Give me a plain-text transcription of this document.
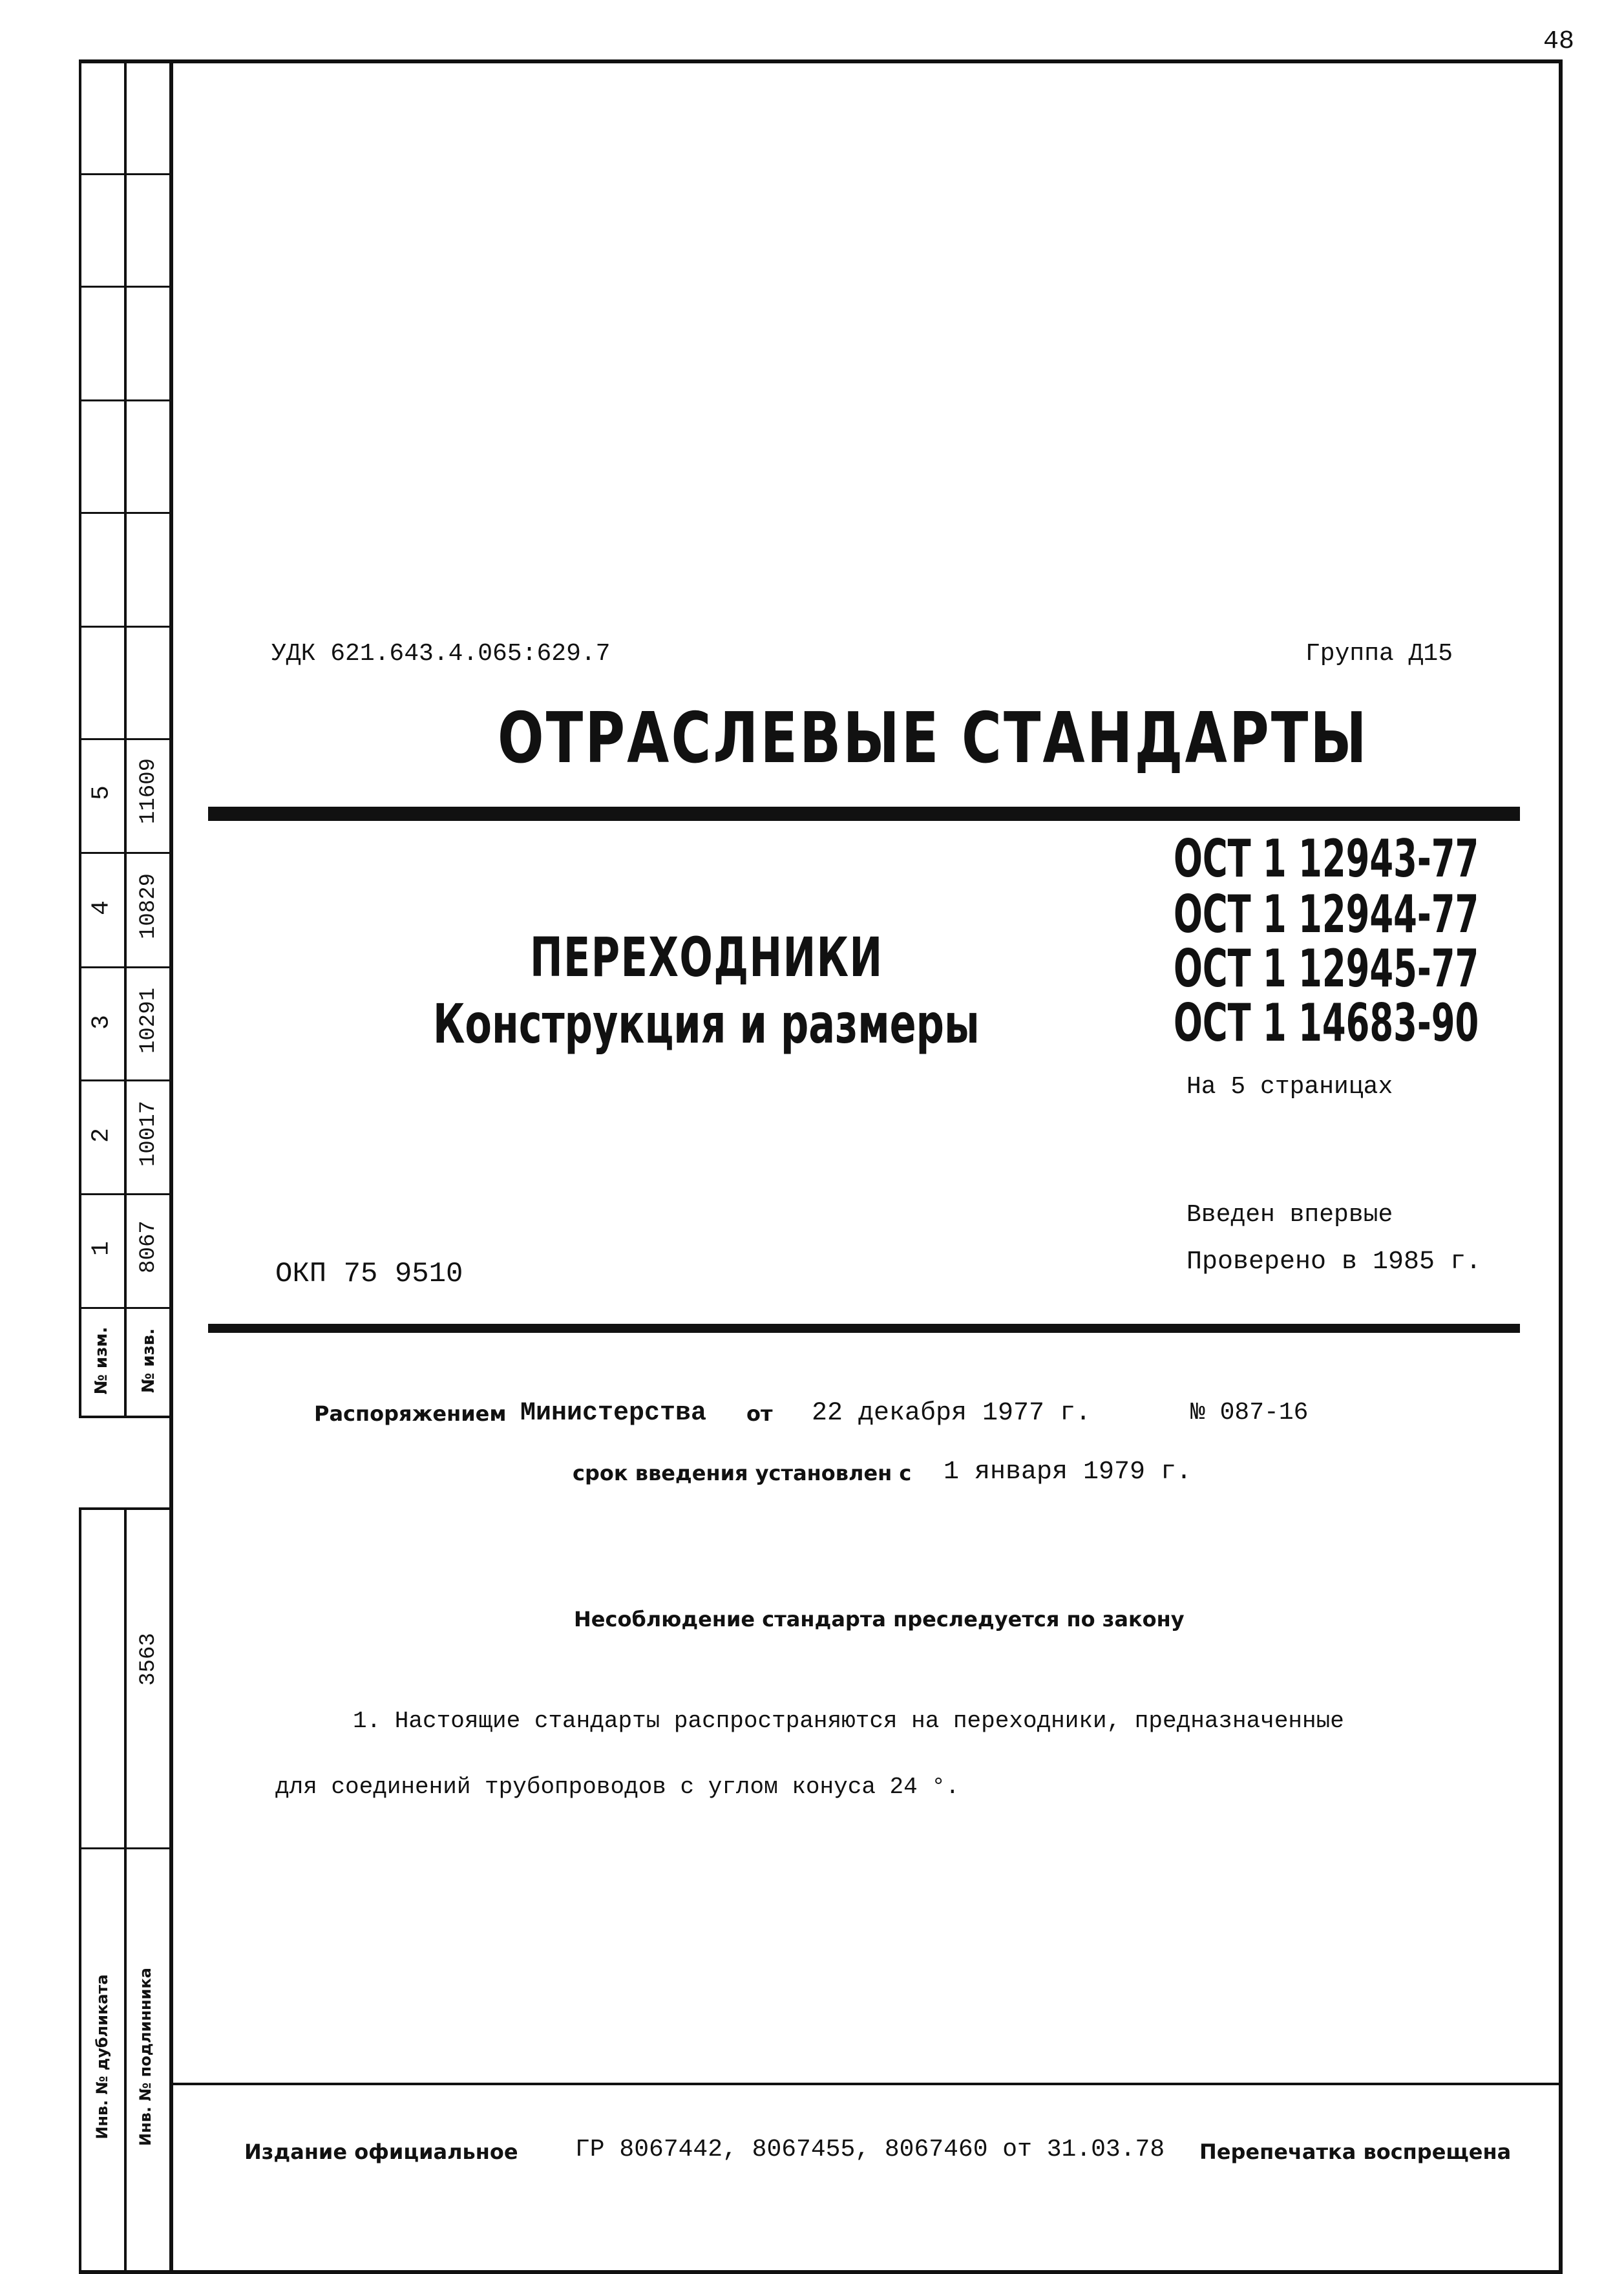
48
1
2
3
4
5
8067
10017
10291
10829
11609
№ изм. № изв.
3563
Инв. № дубликата Инв. № подлинника
УДК 621.643.4.065:629.7	Группа Д15
ОТРАСЛЕВЫЕ СТАНДАРТЫ
ОСТ 1 12943-77
ОСТ 1 12944-77
ОСТ 1 12945-77
ОСТ 1 14683-90
ПЕРЕХОДНИКИ
Конструкция и размеры
На 5 страницах
Введен впервые
Проверено в 1985 г.
ОКП 75 9510
Распоряжением Министерства от 22 декабря 1977 г.	№ 087-16
срок введения установлен с 1 января 1979 г.
Несоблюдение стандарта преследуется по закону
1. Настоящие стандарты распространяются на переходники, предназначенные
для соединений трубопроводов с углом конуса 24 °.
Издание официальное ГР 8067442, 8067455, 8067460 от 31.03.78 Перепечатка воспрещена
